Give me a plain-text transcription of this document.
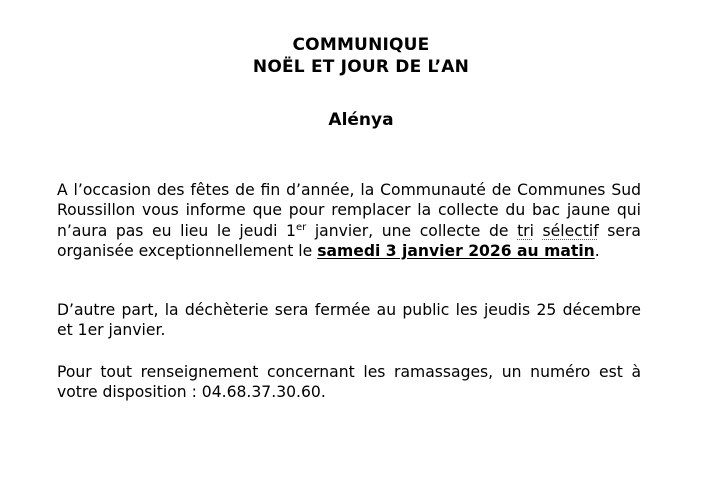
COMMUNIQUE
NOËL ET JOUR DE L’AN
Alénya

A l’occasion des fêtes de fin d’année, la Communauté de Communes Sud Roussillon vous informe que pour remplacer la collecte du bac jaune qui n’aura pas eu lieu le jeudi 1er janvier, une collecte de tri sélectif sera organisée exceptionnellement le samedi 3 janvier 2026 au matin.

D’autre part, la déchèterie sera fermée au public les jeudis 25 décembre et 1er janvier.

Pour tout renseignement concernant les ramassages, un numéro est à votre disposition : 04.68.37.30.60.
